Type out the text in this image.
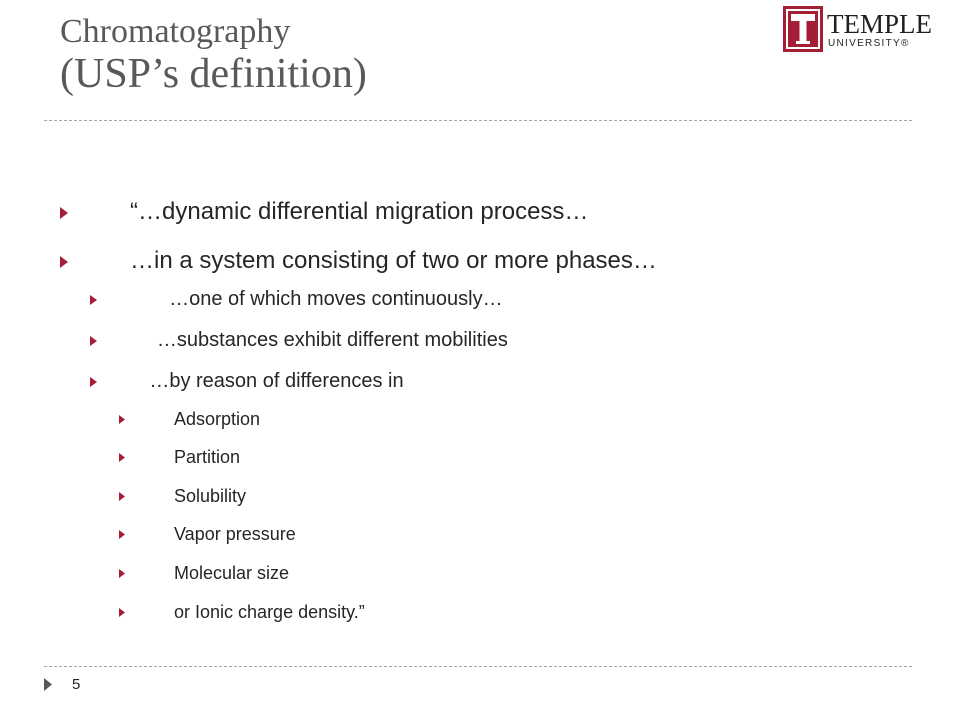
Chromatography
(USP’s definition)
TEMPLE
UNIVERSITY®

“…dynamic differential migration process…

…in a system consisting of two or more phases…

…one of which moves continuously…

…substances exhibit different mobilities

…by reason of differences in

Adsorption

Partition

Solubility

Vapor pressure

Molecular size

or Ionic charge density.”

5
